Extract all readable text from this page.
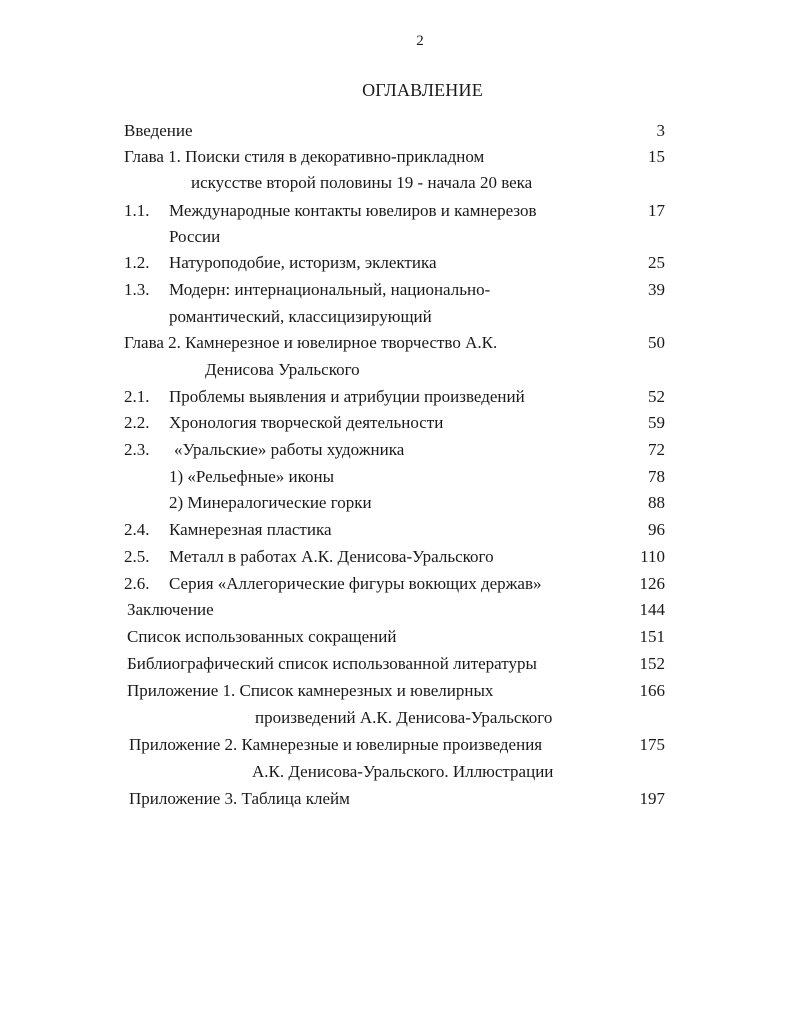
2
ОГЛАВЛЕНИЕ
Введение	3
Глава 1. Поиски стиля в декоративно-прикладном	15
искусстве второй половины 19 - начала 20 века
1.1. Международные контакты ювелиров и камнерезов	17
России
1.2. Натуроподобие, историзм, эклектика	25
1.3. Модерн: интернациональный, национально-	39
романтический, классицизирующий
Глава 2. Камнерезное и ювелирное творчество А.К.	50
Денисова Уральского
2.1. Проблемы выявления и атрибуции произведений	52
2.2. Хронология творческой деятельности	59
2.3. «Уральские» работы художника	72
1) «Рельефные» иконы	78
2) Минералогические горки	88
2.4. Камнерезная пластика	96
2.5. Металл в работах А.К. Денисова-Уральского	110
2.6. Серия «Аллегорические фигуры вокющих держав»	126
Заключение	144
Список использованных сокращений	151
Библиографический список использованной литературы	152
Приложение 1. Список камнерезных и ювелирных	166
произведений А.К. Денисова-Уральского
Приложение 2. Камнерезные и ювелирные произведения	175
А.К. Денисова-Уральского. Иллюстрации
Приложение 3. Таблица клейм	197
